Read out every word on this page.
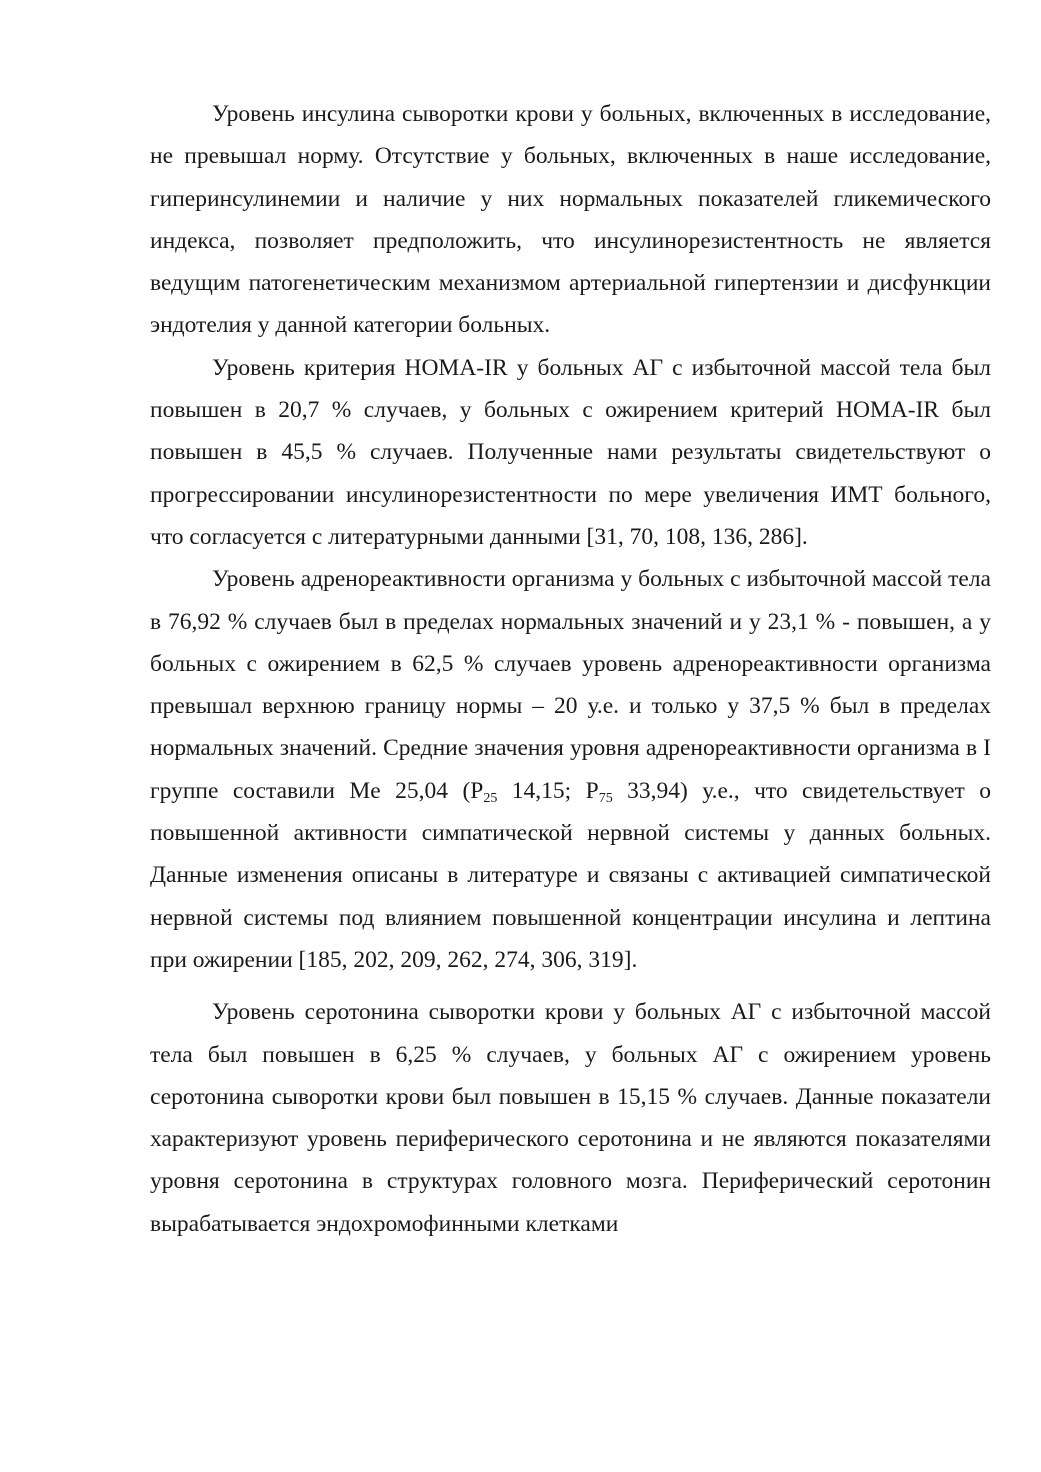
Уровень инсулина сыворотки крови у больных, включенных в исследование, не превышал норму. Отсутствие у больных, включенных в наше исследование, гиперинсулинемии и наличие у них нормальных показателей гликемического индекса, позволяет предположить, что инсулинорезистентность не является ведущим патогенетическим механизмом артериальной гипертензии и дисфункции эндотелия у данной категории больных.

Уровень критерия HOMA-IR у больных АГ с избыточной массой тела был повышен в 20,7 % случаев, у больных с ожирением критерий HOMA-IR был повышен в 45,5 % случаев. Полученные нами результаты свидетельствуют о прогрессировании инсулинорезистентности по мере увеличения ИМТ больного, что согласуется с литературными данными [31, 70, 108, 136, 286].

Уровень адренореактивности организма у больных с избыточной массой тела в 76,92 % случаев был в пределах нормальных значений и у 23,1 % - повышен, а у больных с ожирением в 62,5 % случаев уровень адренореактивности организма превышал верхнюю границу нормы – 20 у.е. и только у 37,5 % был в пределах нормальных значений. Средние значения уровня адренореактивности организма в I группе составили Me 25,04 ($P_{25}$ 14,15; $P_{75}$ 33,94) у.е., что свидетельствует о повышенной активности симпатической нервной системы у данных больных. Данные изменения описаны в литературе и связаны с активацией симпатической нервной системы под влиянием повышенной концентрации инсулина и лептина при ожирении [185, 202, 209, 262, 274, 306, 319].

Уровень серотонина сыворотки крови у больных АГ с избыточной массой тела был повышен в 6,25 % случаев, у больных АГ с ожирением уровень серотонина сыворотки крови был повышен в 15,15 % случаев. Данные показатели характеризуют уровень периферического серотонина и не являются показателями уровня серотонина в структурах головного мозга. Периферический серотонин вырабатывается эндохромофинными клетками
